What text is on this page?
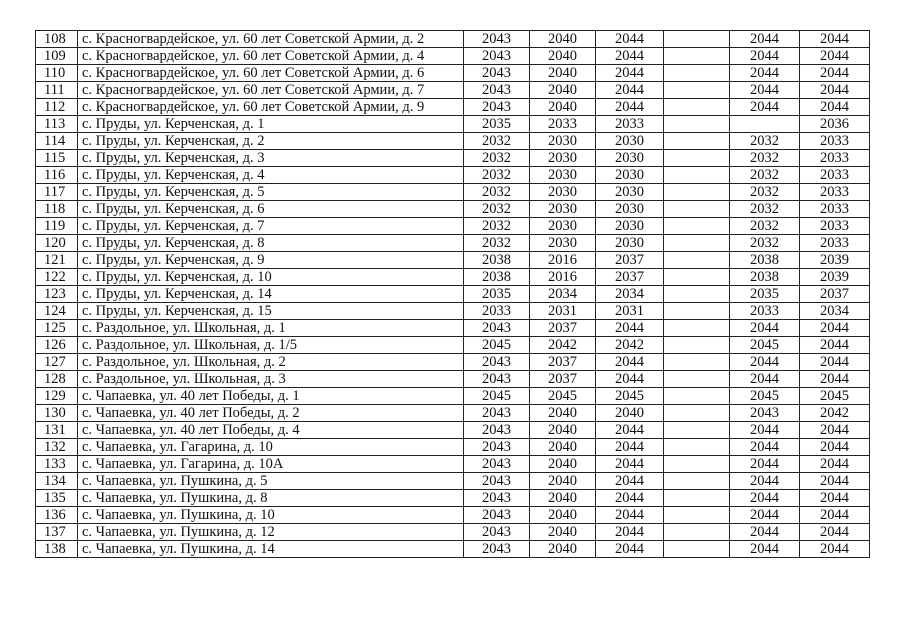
108	с. Красногвардейское, ул. 60 лет Советской Армии, д. 2	2043	2040	2044		2044	2044
109	с. Красногвардейское, ул. 60 лет Советской Армии, д. 4	2043	2040	2044		2044	2044
110	с. Красногвардейское, ул. 60 лет Советской Армии, д. 6	2043	2040	2044		2044	2044
111	с. Красногвардейское, ул. 60 лет Советской Армии, д. 7	2043	2040	2044		2044	2044
112	с. Красногвардейское, ул. 60 лет Советской Армии, д. 9	2043	2040	2044		2044	2044
113	с. Пруды, ул. Керченская, д. 1	2035	2033	2033			2036
114	с. Пруды, ул. Керченская, д. 2	2032	2030	2030		2032	2033
115	с. Пруды, ул. Керченская, д. 3	2032	2030	2030		2032	2033
116	с. Пруды, ул. Керченская, д. 4	2032	2030	2030		2032	2033
117	с. Пруды, ул. Керченская, д. 5	2032	2030	2030		2032	2033
118	с. Пруды, ул. Керченская, д. 6	2032	2030	2030		2032	2033
119	с. Пруды, ул. Керченская, д. 7	2032	2030	2030		2032	2033
120	с. Пруды, ул. Керченская, д. 8	2032	2030	2030		2032	2033
121	с. Пруды, ул. Керченская, д. 9	2038	2016	2037		2038	2039
122	с. Пруды, ул. Керченская, д. 10	2038	2016	2037		2038	2039
123	с. Пруды, ул. Керченская, д. 14	2035	2034	2034		2035	2037
124	с. Пруды, ул. Керченская, д. 15	2033	2031	2031		2033	2034
125	с. Раздольное, ул. Школьная, д. 1	2043	2037	2044		2044	2044
126	с. Раздольное, ул. Школьная, д. 1/5	2045	2042	2042		2045	2044
127	с. Раздольное, ул. Школьная, д. 2	2043	2037	2044		2044	2044
128	с. Раздольное, ул. Школьная, д. 3	2043	2037	2044		2044	2044
129	с. Чапаевка, ул. 40 лет Победы, д. 1	2045	2045	2045		2045	2045
130	с. Чапаевка, ул. 40 лет Победы, д. 2	2043	2040	2040		2043	2042
131	с. Чапаевка, ул. 40 лет Победы, д. 4	2043	2040	2044		2044	2044
132	с. Чапаевка, ул. Гагарина, д. 10	2043	2040	2044		2044	2044
133	с. Чапаевка, ул. Гагарина, д. 10А	2043	2040	2044		2044	2044
134	с. Чапаевка, ул. Пушкина, д. 5	2043	2040	2044		2044	2044
135	с. Чапаевка, ул. Пушкина, д. 8	2043	2040	2044		2044	2044
136	с. Чапаевка, ул. Пушкина, д. 10	2043	2040	2044		2044	2044
137	с. Чапаевка, ул. Пушкина, д. 12	2043	2040	2044		2044	2044
138	с. Чапаевка, ул. Пушкина, д. 14	2043	2040	2044		2044	2044
